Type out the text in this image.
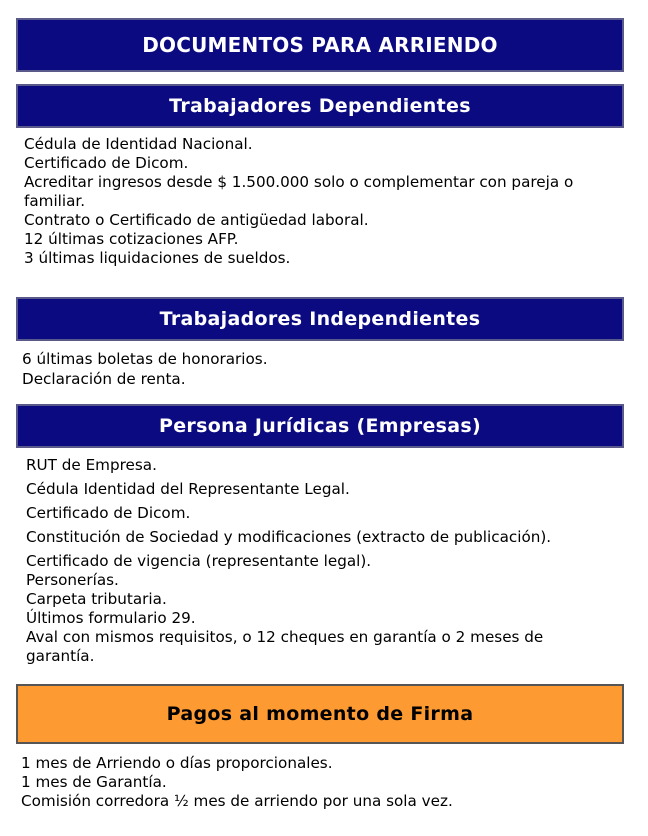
DOCUMENTOS PARA ARRIENDO
Trabajadores Dependientes
Cédula de Identidad Nacional.
Certificado de Dicom.
Acreditar ingresos desde $ 1.500.000 solo o complementar con pareja o familiar.
Contrato o Certificado de antigüedad laboral.
12 últimas cotizaciones AFP.
3 últimas liquidaciones de sueldos.
Trabajadores Independientes
6 últimas boletas de honorarios.
Declaración de renta.
Persona Jurídicas (Empresas)
RUT de Empresa.
Cédula Identidad del Representante Legal.
Certificado de Dicom.
Constitución de Sociedad y modificaciones (extracto de publicación).
Certificado de vigencia (representante legal).
Personerías.
Carpeta tributaria.
Últimos formulario 29.
Aval con mismos requisitos, o 12 cheques en garantía o 2 meses de garantía.
Pagos al momento de Firma
1 mes de Arriendo o días proporcionales.
1 mes de Garantía.
Comisión corredora ½ mes de arriendo por una sola vez.
